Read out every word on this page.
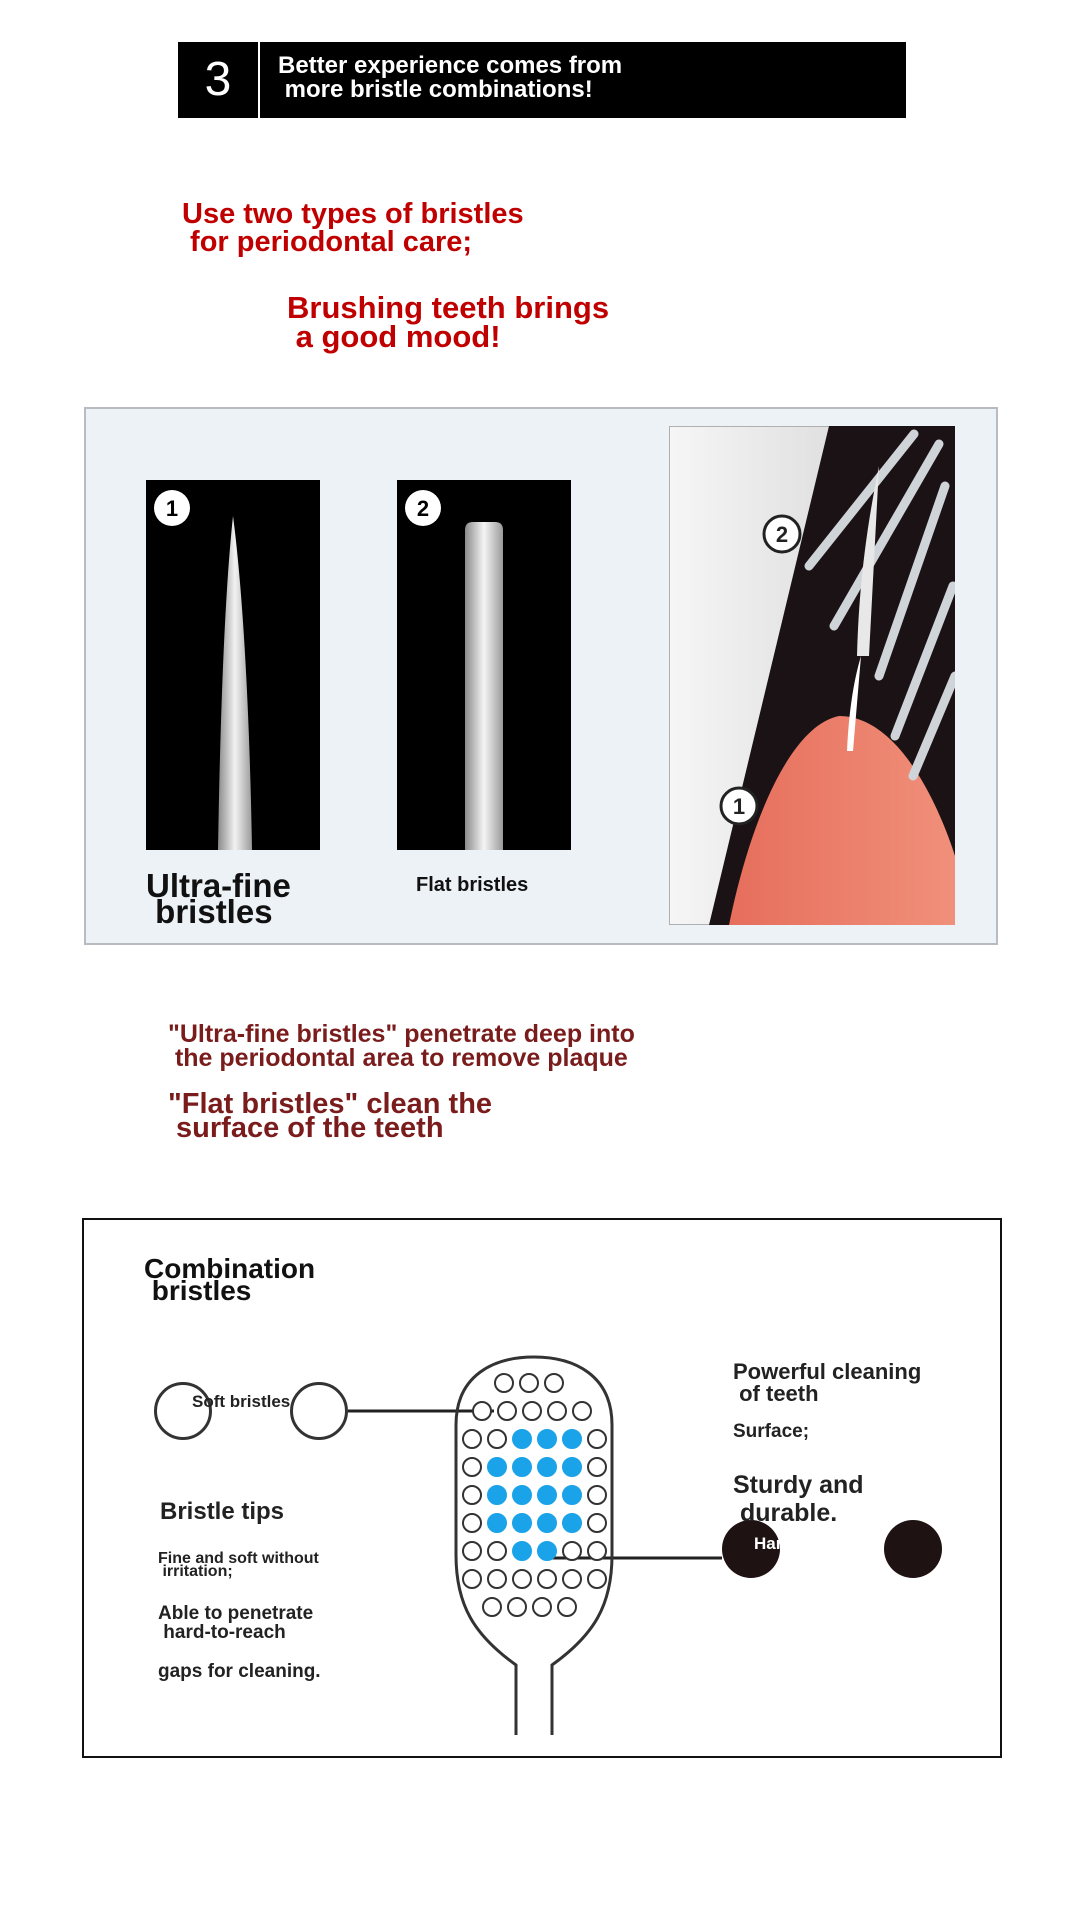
3	Better experience comes from
more bristle combinations!
Use two types of bristles
for periodontal care;
Brushing teeth brings
a good mood!
1	2
Ultra-fine
bristles
Flat bristles
2
1
"Ultra-fine bristles" penetrate deep into
the periodontal area to remove plaque
"Flat bristles" clean the
surface of the teeth
Combination
bristles
Soft bristles
Hard bristles
Bristle tips
Fine and soft without
irritation;
Able to penetrate
hard-to-reach
gaps for cleaning.
Powerful cleaning
of teeth
Surface;
Sturdy and
durable.
